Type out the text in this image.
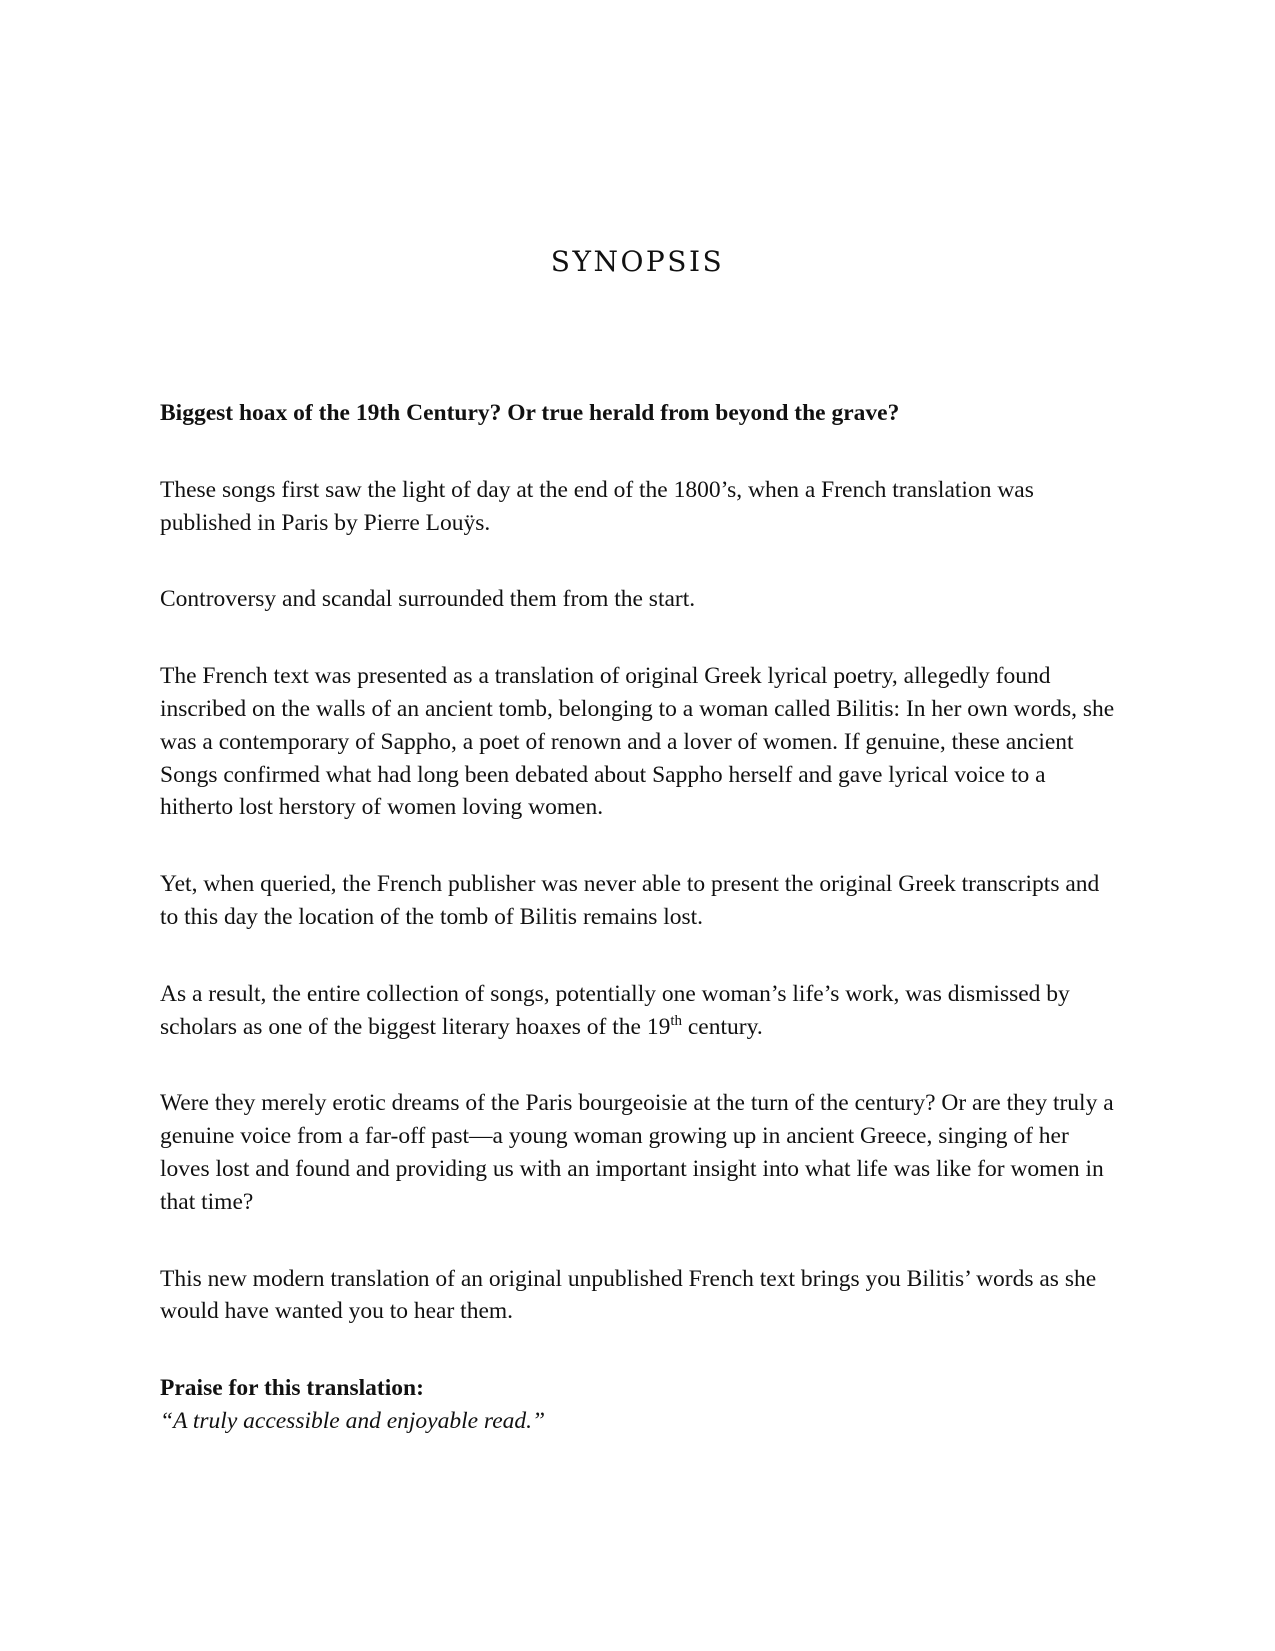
SYNOPSIS

Biggest hoax of the 19th Century? Or true herald from beyond the grave?

These songs first saw the light of day at the end of the 1800’s, when a French translation was published in Paris by Pierre Louÿs.

Controversy and scandal surrounded them from the start.

The French text was presented as a translation of original Greek lyrical poetry, allegedly found inscribed on the walls of an ancient tomb, belonging to a woman called Bilitis: In her own words, she was a contemporary of Sappho, a poet of renown and a lover of women. If genuine, these ancient Songs confirmed what had long been debated about Sappho herself and gave lyrical voice to a hitherto lost herstory of women loving women.

Yet, when queried, the French publisher was never able to present the original Greek transcripts and to this day the location of the tomb of Bilitis remains lost.

As a result, the entire collection of songs, potentially one woman’s life’s work, was dismissed by scholars as one of the biggest literary hoaxes of the 19th century.

Were they merely erotic dreams of the Paris bourgeoisie at the turn of the century? Or are they truly a genuine voice from a far-off past—a young woman growing up in ancient Greece, singing of her loves lost and found and providing us with an important insight into what life was like for women in that time?

This new modern translation of an original unpublished French text brings you Bilitis’ words as she would have wanted you to hear them.

Praise for this translation:

“A truly accessible and enjoyable read.”
